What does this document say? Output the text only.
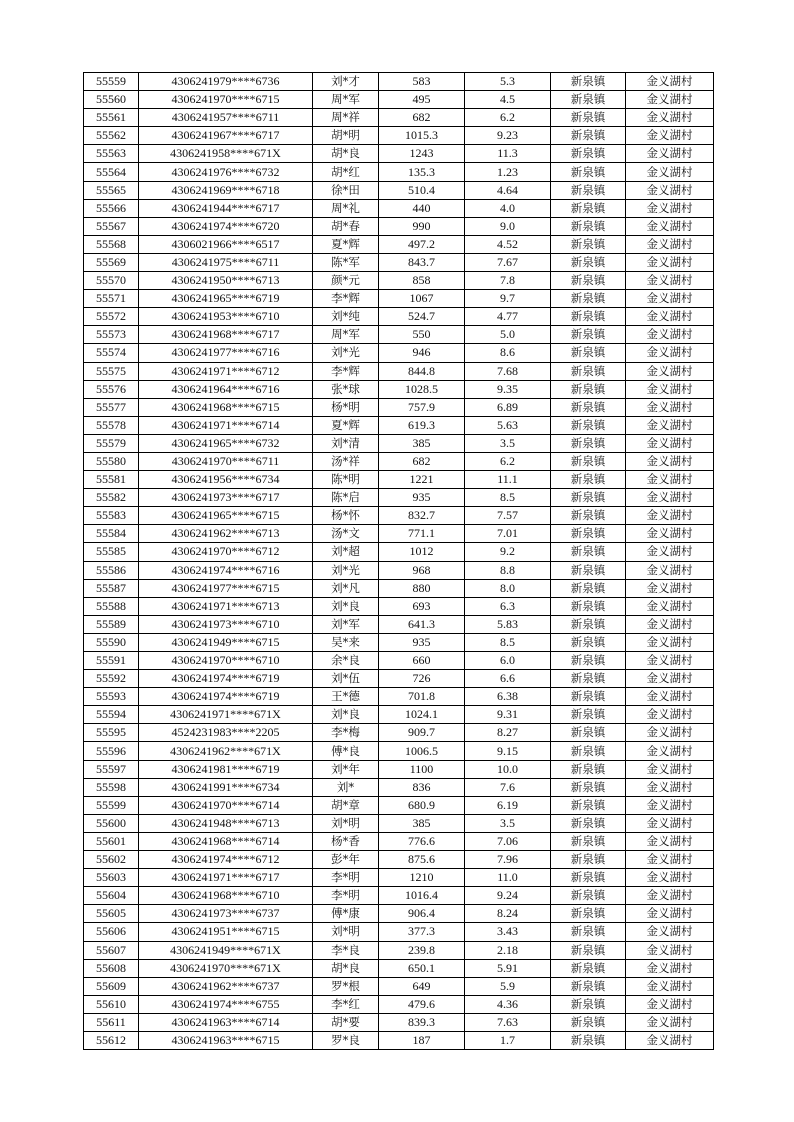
55559	4306241979****6736	刘*才	583	5.3	新泉镇	金义湖村
55560	4306241970****6715	周*军	495	4.5	新泉镇	金义湖村
55561	4306241957****6711	周*祥	682	6.2	新泉镇	金义湖村
55562	4306241967****6717	胡*明	1015.3	9.23	新泉镇	金义湖村
55563	4306241958****671X	胡*良	1243	11.3	新泉镇	金义湖村
55564	4306241976****6732	胡*红	135.3	1.23	新泉镇	金义湖村
55565	4306241969****6718	徐*田	510.4	4.64	新泉镇	金义湖村
55566	4306241944****6717	周*礼	440	4.0	新泉镇	金义湖村
55567	4306241974****6720	胡*春	990	9.0	新泉镇	金义湖村
55568	4306021966****6517	夏*辉	497.2	4.52	新泉镇	金义湖村
55569	4306241975****6711	陈*军	843.7	7.67	新泉镇	金义湖村
55570	4306241950****6713	颜*元	858	7.8	新泉镇	金义湖村
55571	4306241965****6719	李*辉	1067	9.7	新泉镇	金义湖村
55572	4306241953****6710	刘*纯	524.7	4.77	新泉镇	金义湖村
55573	4306241968****6717	周*军	550	5.0	新泉镇	金义湖村
55574	4306241977****6716	刘*光	946	8.6	新泉镇	金义湖村
55575	4306241971****6712	李*辉	844.8	7.68	新泉镇	金义湖村
55576	4306241964****6716	张*球	1028.5	9.35	新泉镇	金义湖村
55577	4306241968****6715	杨*明	757.9	6.89	新泉镇	金义湖村
55578	4306241971****6714	夏*辉	619.3	5.63	新泉镇	金义湖村
55579	4306241965****6732	刘*清	385	3.5	新泉镇	金义湖村
55580	4306241970****6711	汤*祥	682	6.2	新泉镇	金义湖村
55581	4306241956****6734	陈*明	1221	11.1	新泉镇	金义湖村
55582	4306241973****6717	陈*启	935	8.5	新泉镇	金义湖村
55583	4306241965****6715	杨*怀	832.7	7.57	新泉镇	金义湖村
55584	4306241962****6713	汤*文	771.1	7.01	新泉镇	金义湖村
55585	4306241970****6712	刘*超	1012	9.2	新泉镇	金义湖村
55586	4306241974****6716	刘*光	968	8.8	新泉镇	金义湖村
55587	4306241977****6715	刘*凡	880	8.0	新泉镇	金义湖村
55588	4306241971****6713	刘*良	693	6.3	新泉镇	金义湖村
55589	4306241973****6710	刘*军	641.3	5.83	新泉镇	金义湖村
55590	4306241949****6715	吴*来	935	8.5	新泉镇	金义湖村
55591	4306241970****6710	余*良	660	6.0	新泉镇	金义湖村
55592	4306241974****6719	刘*伍	726	6.6	新泉镇	金义湖村
55593	4306241974****6719	王*德	701.8	6.38	新泉镇	金义湖村
55594	4306241971****671X	刘*良	1024.1	9.31	新泉镇	金义湖村
55595	4524231983****2205	李*梅	909.7	8.27	新泉镇	金义湖村
55596	4306241962****671X	傅*良	1006.5	9.15	新泉镇	金义湖村
55597	4306241981****6719	刘*年	1100	10.0	新泉镇	金义湖村
55598	4306241991****6734	刘*	836	7.6	新泉镇	金义湖村
55599	4306241970****6714	胡*章	680.9	6.19	新泉镇	金义湖村
55600	4306241948****6713	刘*明	385	3.5	新泉镇	金义湖村
55601	4306241968****6714	杨*香	776.6	7.06	新泉镇	金义湖村
55602	4306241974****6712	彭*年	875.6	7.96	新泉镇	金义湖村
55603	4306241971****6717	李*明	1210	11.0	新泉镇	金义湖村
55604	4306241968****6710	李*明	1016.4	9.24	新泉镇	金义湖村
55605	4306241973****6737	傅*康	906.4	8.24	新泉镇	金义湖村
55606	4306241951****6715	刘*明	377.3	3.43	新泉镇	金义湖村
55607	4306241949****671X	李*良	239.8	2.18	新泉镇	金义湖村
55608	4306241970****671X	胡*良	650.1	5.91	新泉镇	金义湖村
55609	4306241962****6737	罗*根	649	5.9	新泉镇	金义湖村
55610	4306241974****6755	李*红	479.6	4.36	新泉镇	金义湖村
55611	4306241963****6714	胡*要	839.3	7.63	新泉镇	金义湖村
55612	4306241963****6715	罗*良	187	1.7	新泉镇	金义湖村
